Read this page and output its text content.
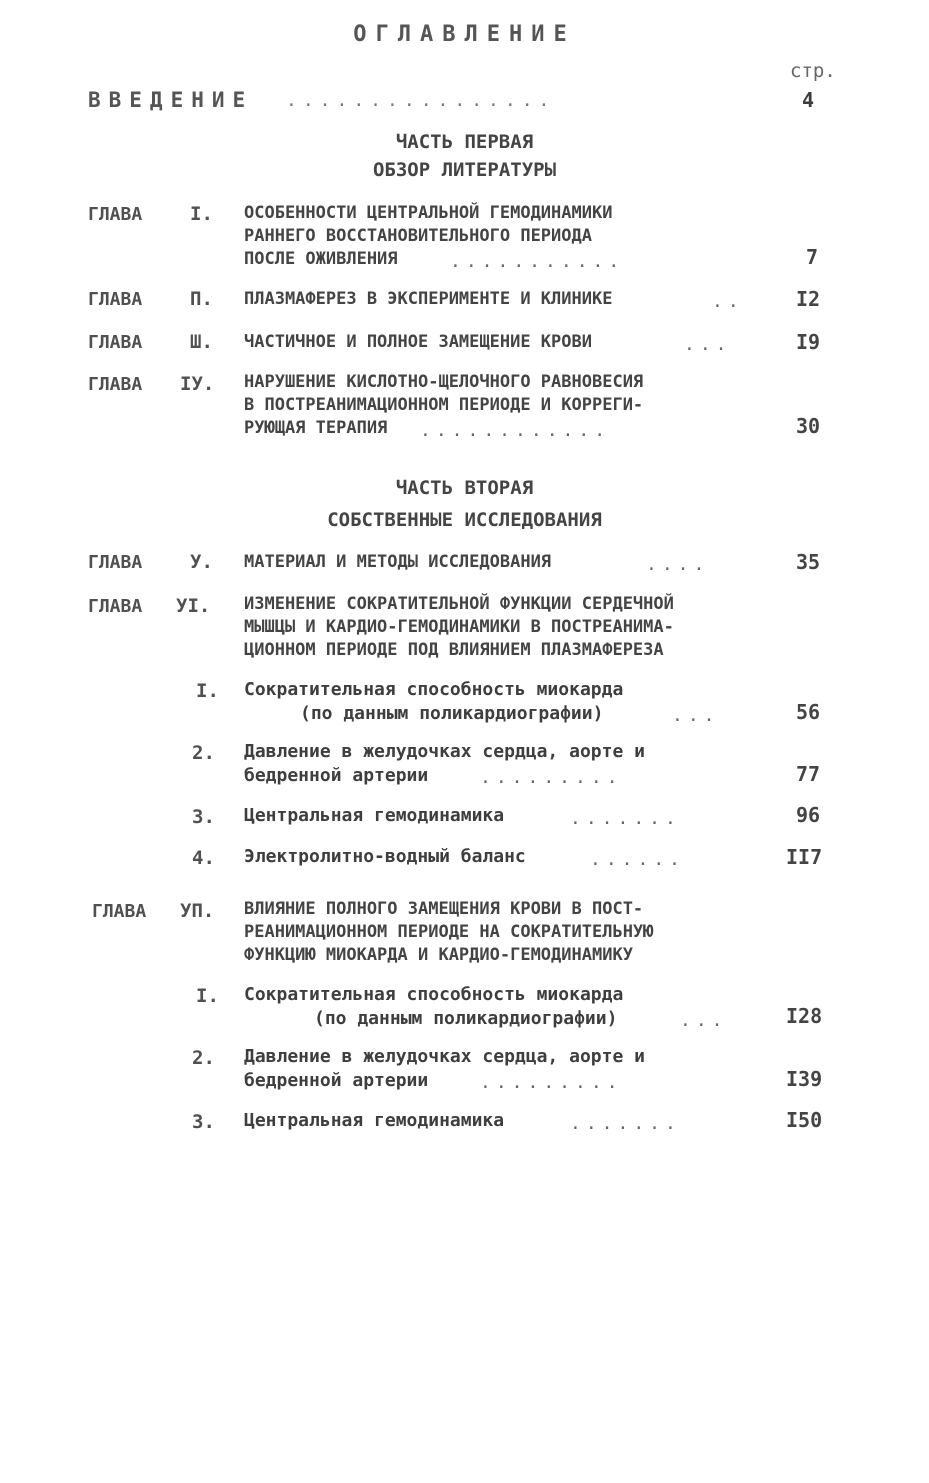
ОГЛАВЛЕНИЕ
стр.
ВВЕДЕНИЕ ................	4
ЧАСТЬ ПЕРВАЯ
ОБЗОР ЛИТЕРАТУРЫ
ГЛАВА	I. ОСОБЕННОСТИ ЦЕНТРАЛЬНОЙ ГЕМОДИНАМИКИ
РАННЕГО ВОССТАНОВИТЕЛЬНОГО ПЕРИОДА
ПОСЛЕ ОЖИВЛЕНИЯ	...........	7
ГЛАВА	П. ПЛАЗМАФЕРЕЗ В ЭКСПЕРИМЕНТЕ И КЛИНИКЕ	..	I2
ГЛАВА	Ш. ЧАСТИЧНОЕ И ПОЛНОЕ ЗАМЕЩЕНИЕ КРОВИ	...	I9
ГЛАВА IУ. НАРУШЕНИЕ КИСЛОТНО-ЩЕЛОЧНОГО РАВНОВЕСИЯ
В ПОСТРЕАНИМАЦИОННОМ ПЕРИОДЕ И КОРРЕГИ-
РУЮЩАЯ ТЕРАПИЯ ............	30
ЧАСТЬ ВТОРАЯ
СОБСТВЕННЫЕ ИССЛЕДОВАНИЯ
ГЛАВА	У. МАТЕРИАЛ И МЕТОДЫ ИССЛЕДОВАНИЯ	....	35
ГЛАВА УI. ИЗМЕНЕНИЕ СОКРАТИТЕЛЬНОЙ ФУНКЦИИ СЕРДЕЧНОЙ
МЫШЦЫ И КАРДИО-ГЕМОДИНАМИКИ В ПОСТРЕАНИМА-
ЦИОННОМ ПЕРИОДЕ ПОД ВЛИЯНИЕМ ПЛАЗМАФЕРЕЗА
I. Сократительная способность миокарда
(по данным поликардиографии)	...	56
2. Давление в желудочках сердца, аорте и
бедренной артерии	.........	77
3. Центральная гемодинамика	.......	96
4. Электролитно-водный баланс	......	II7
ГЛАВА УП. ВЛИЯНИЕ ПОЛНОГО ЗАМЕЩЕНИЯ КРОВИ В ПОСТ-
РЕАНИМАЦИОННОМ ПЕРИОДЕ НА СОКРАТИТЕЛЬНУЮ
ФУНКЦИЮ МИОКАРДА И КАРДИО-ГЕМОДИНАМИКУ
I. Сократительная способность миокарда
(по данным поликардиографии)	...	I28
2. Давление в желудочках сердца, аорте и
бедренной артерии	.........	I39
3. Центральная гемодинамика	.......	I50
